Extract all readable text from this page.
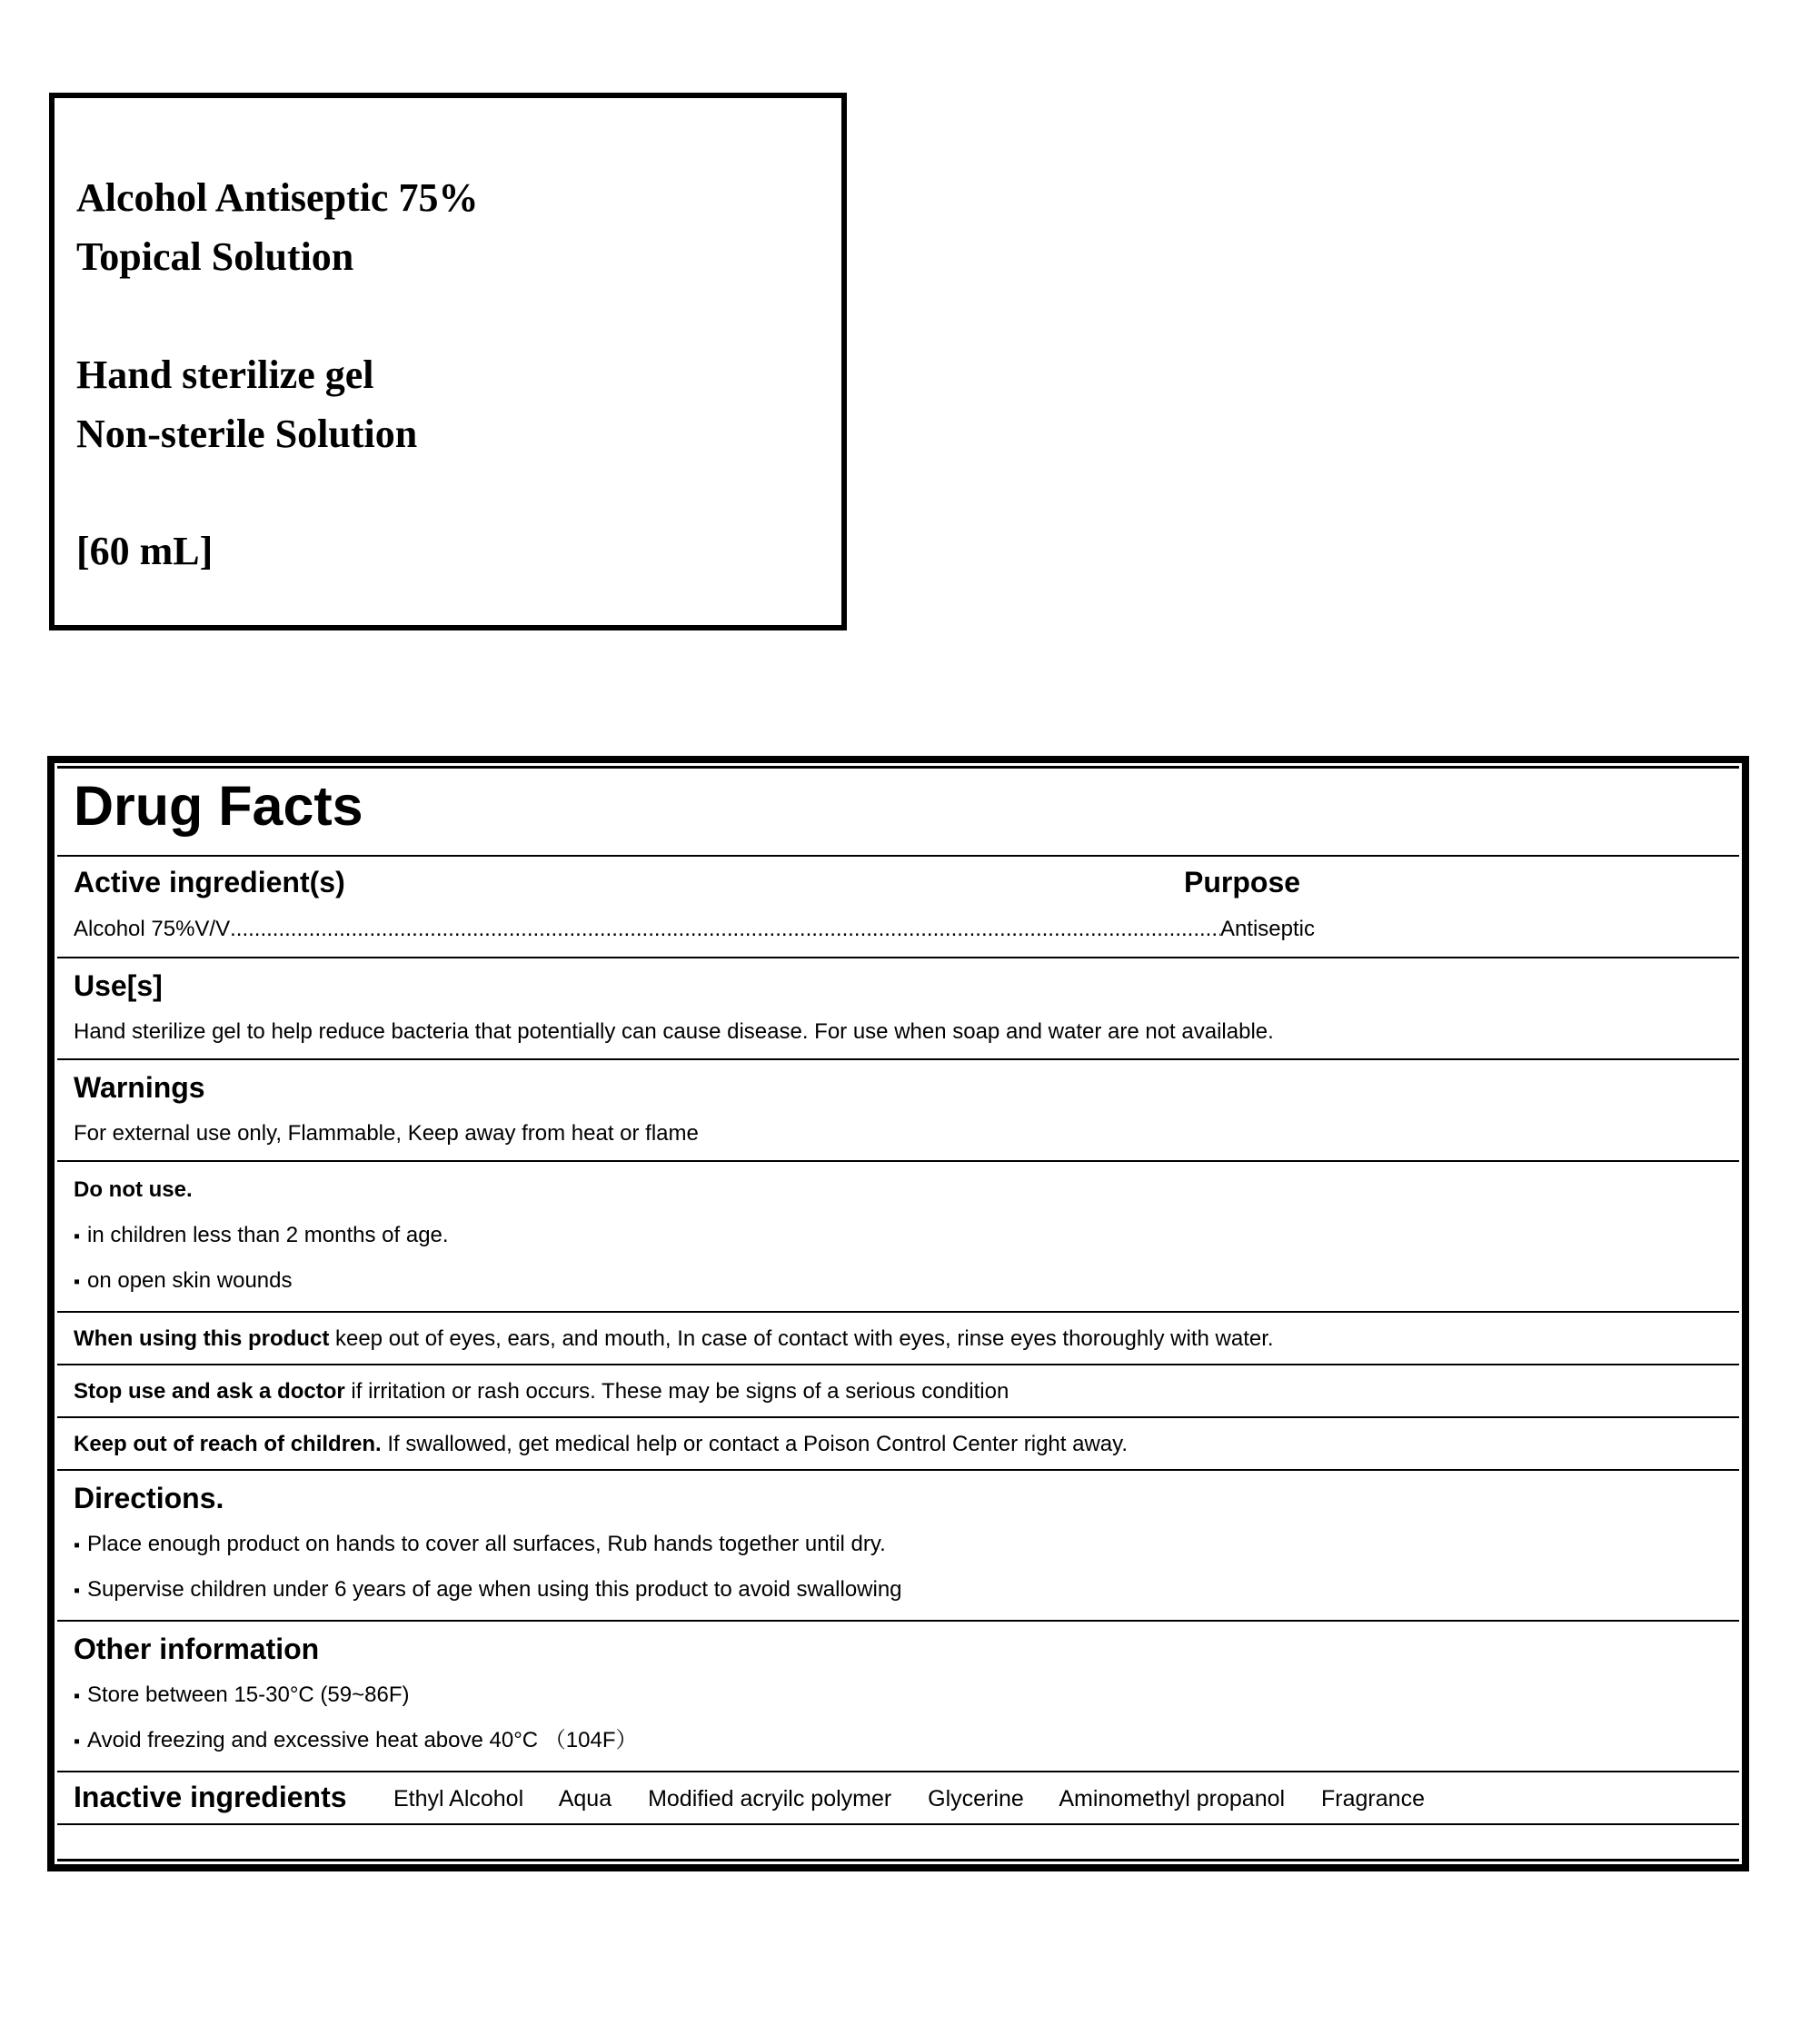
Alcohol Antiseptic 75%
Topical Solution
Hand sterilize gel
Non-sterile Solution
[60 mL]
Drug Facts
Active ingredient(s)	Purpose
Alcohol 75%V/V
.....	Antiseptic
Use[s]
Hand sterilize gel to help reduce bacteria that potentially can cause disease. For use when soap and water are not available.
Warnings
For external use only, Flammable, Keep away from heat or flame
Do not use.
▪ in children less than 2 months of age.
▪ on open skin wounds
When using this product keep out of eyes, ears, and mouth, In case of contact with eyes, rinse eyes thoroughly with water.
Stop use and ask a doctor if irritation or rash occurs. These may be signs of a serious condition
Keep out of reach of children. If swallowed, get medical help or contact a Poison Control Center right away.
Directions.
▪ Place enough product on hands to cover all surfaces, Rub hands together until dry.
▪ Supervise children under 6 years of age when using this product to avoid swallowing
Other information
▪ Store between 15-30°C (59~86F)
▪ Avoid freezing and excessive heat above 40°C （104F）
Inactive ingredients Ethyl Alcohol Aqua Modified acryilc polymer Glycerine Aminomethyl propanol Fragrance
